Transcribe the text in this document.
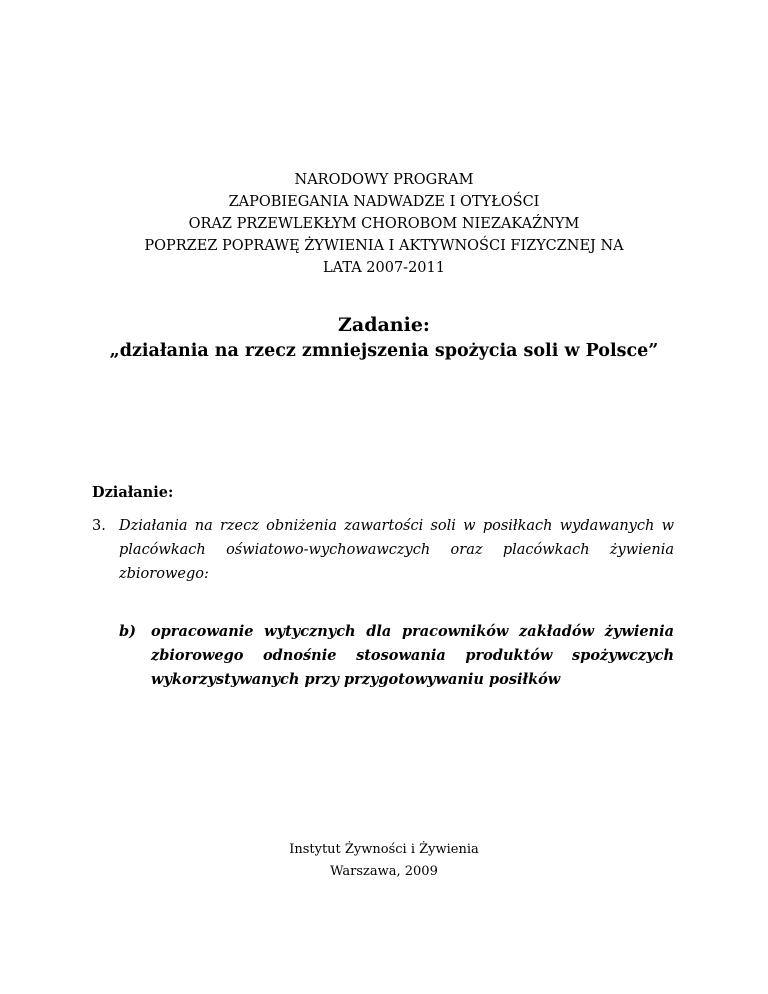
NARODOWY PROGRAM
ZAPOBIEGANIA NADWADZE I OTYŁOŚCI
ORAZ PRZEWLEKŁYM CHOROBOM NIEZAKAŹNYM
POPRZEZ POPRAWĘ ŻYWIENIA I AKTYWNOŚCI FIZYCZNEJ NA
LATA 2007-2011
Zadanie:
„działania na rzecz zmniejszenia spożycia soli w Polsce”
Działanie:
3. Działania na rzecz obniżenia zawartości soli w posiłkach wydawanych w placówkach oświatowo-wychowawczych oraz placówkach żywienia zbiorowego:
b) opracowanie wytycznych dla pracowników zakładów żywienia zbiorowego odnośnie stosowania produktów spożywczych wykorzystywanych przy przygotowywaniu posiłków
Instytut Żywności i Żywienia
Warszawa, 2009
